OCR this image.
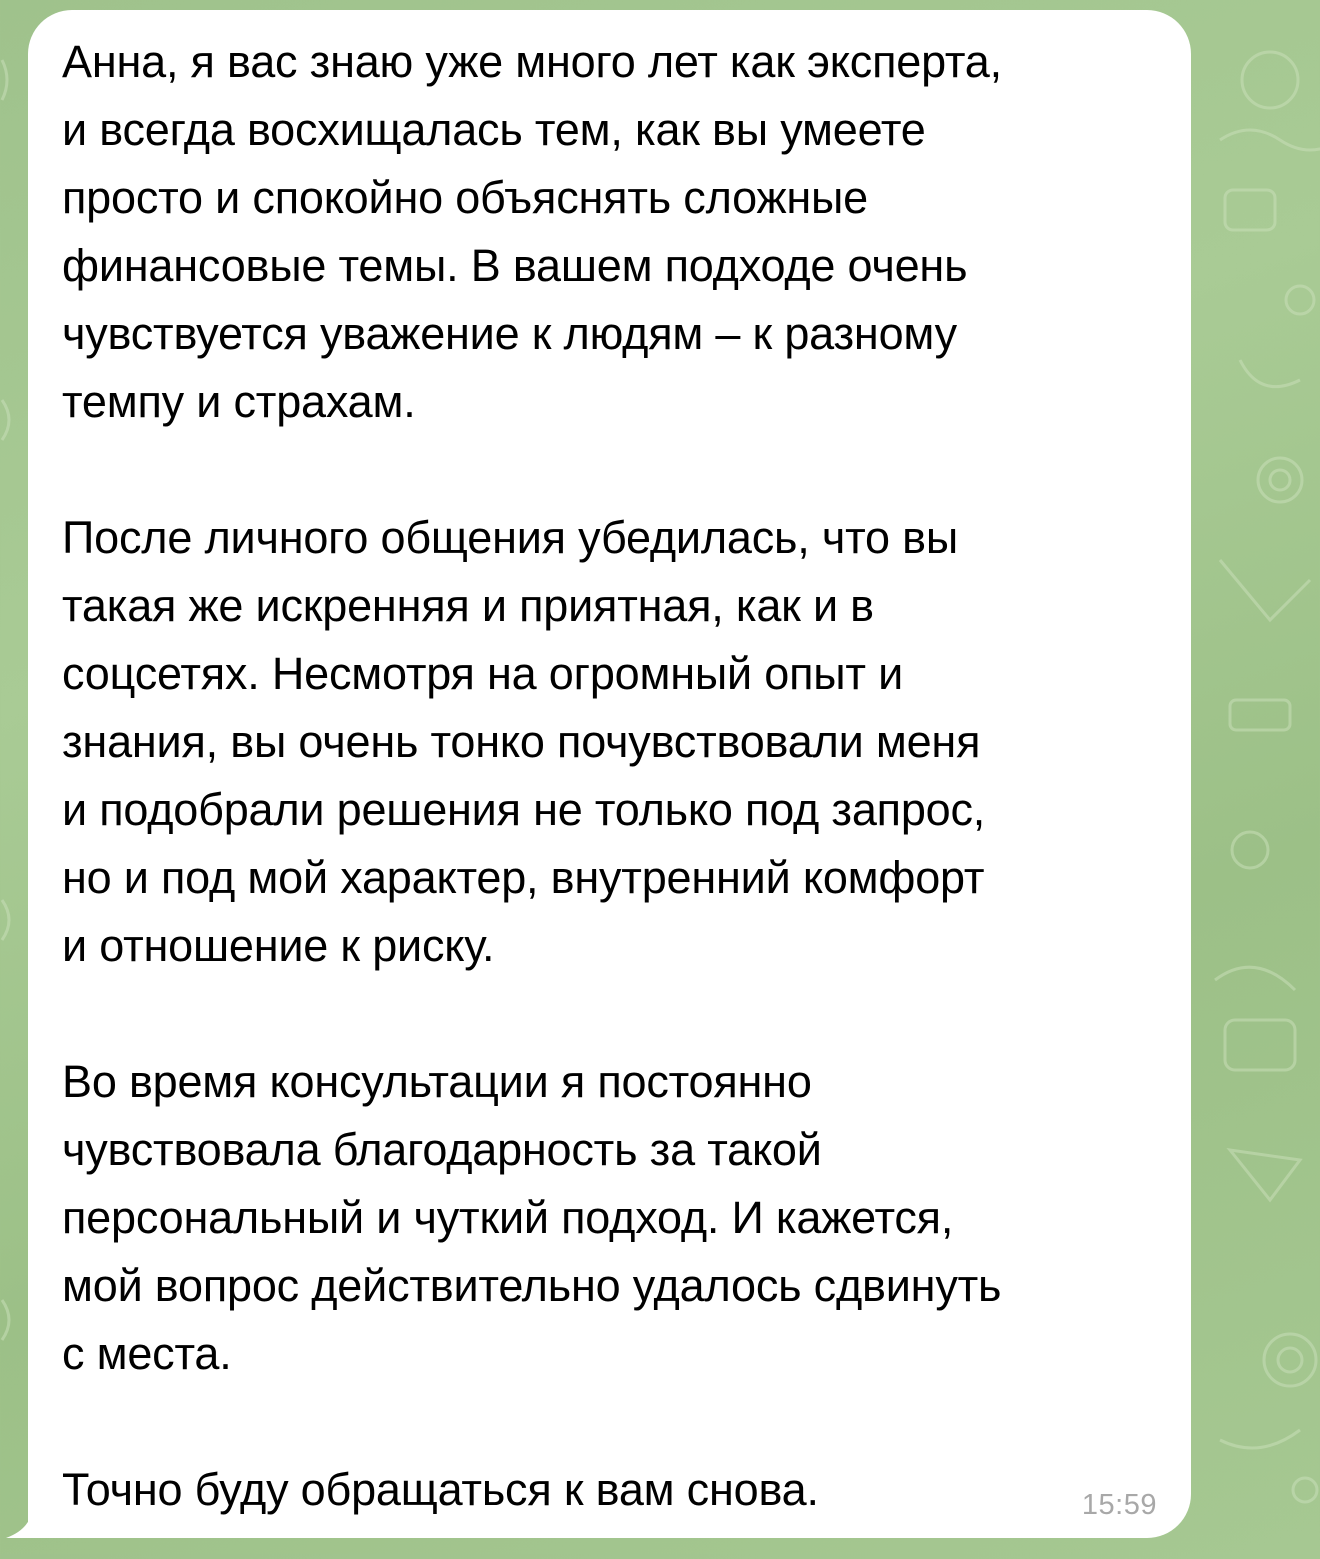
Анна, я вас знаю уже много лет как эксперта,
и всегда восхищалась тем, как вы умеете
просто и спокойно объяснять сложные
финансовые темы. В вашем подходе очень
чувствуется уважение к людям – к разному
темпу и страхам.

После личного общения убедилась, что вы
такая же искренняя и приятная, как и в
соцсетях. Несмотря на огромный опыт и
знания, вы очень тонко почувствовали меня
и подобрали решения не только под запрос,
но и под мой характер, внутренний комфорт
и отношение к риску.

Во время консультации я постоянно
чувствовала благодарность за такой
персональный и чуткий подход. И кажется,
мой вопрос действительно удалось сдвинуть
с места.

Точно буду обращаться к вам снова.	15:59
